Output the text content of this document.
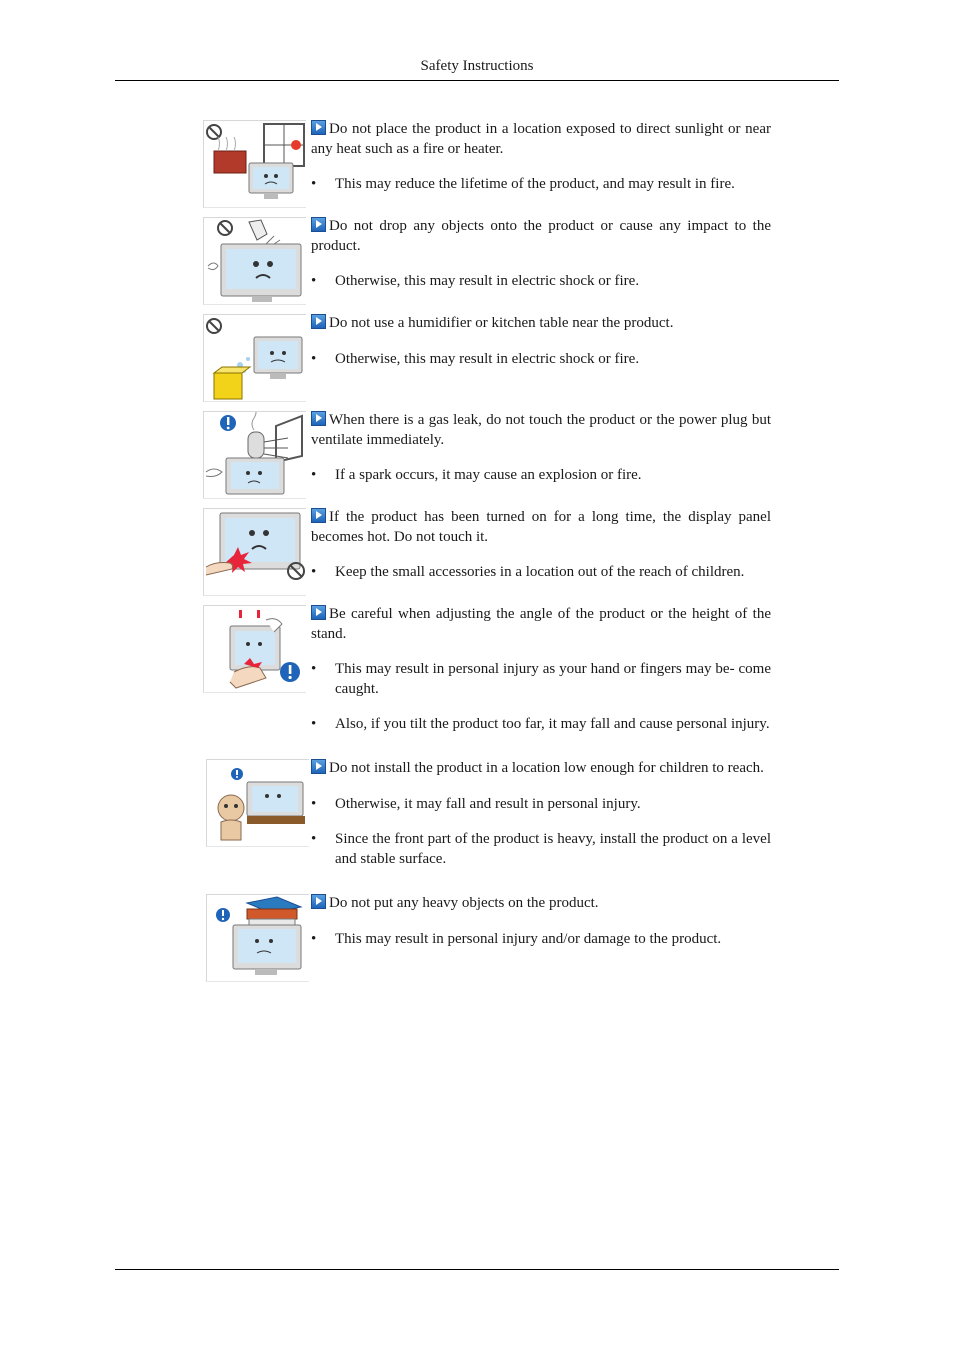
Safety Instructions

Do not place the product in a location exposed to direct sunlight or near any heat such as a fire or heater.

• This may reduce the lifetime of the product, and may result in fire.

Do not drop any objects onto the product or cause any impact to the product.

• Otherwise, this may result in electric shock or fire.

Do not use a humidifier or kitchen table near the product.

• Otherwise, this may result in electric shock or fire.

When there is a gas leak, do not touch the product or the power plug but ventilate immediately.

• If a spark occurs, it may cause an explosion or fire.

If the product has been turned on for a long time, the display panel becomes hot. Do not touch it.

• Keep the small accessories in a location out of the reach of children.

Be careful when adjusting the angle of the product or the height of the stand.

• This may result in personal injury as your hand or fingers may be- come caught.
• Also, if you tilt the product too far, it may fall and cause personal injury.

Do not install the product in a location low enough for children to reach.

• Otherwise, it may fall and result in personal injury.
• Since the front part of the product is heavy, install the product on a level and stable surface.

Do not put any heavy objects on the product.

• This may result in personal injury and/or damage to the product.
